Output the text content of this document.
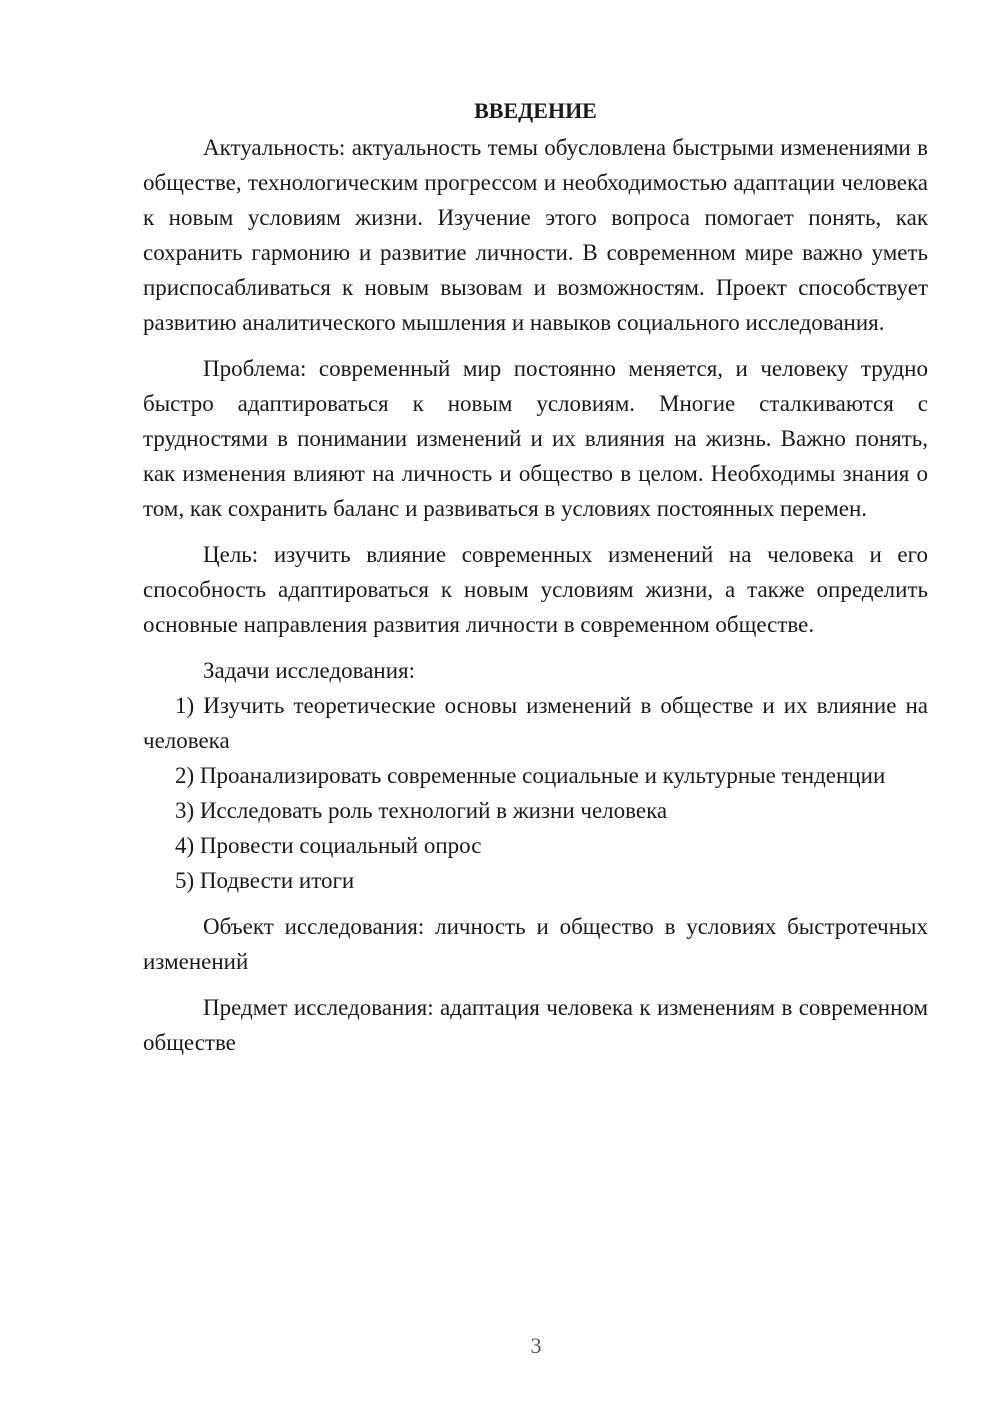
ВВЕДЕНИЕ

Актуальность: актуальность темы обусловлена быстрыми изменениями в обществе, технологическим прогрессом и необходимостью адаптации человека к новым условиям жизни. Изучение этого вопроса помогает понять, как сохранить гармонию и развитие личности. В современном мире важно уметь приспосабливаться к новым вызовам и возможностям. Проект способствует развитию аналитического мышления и навыков социального исследования.

Проблема: современный мир постоянно меняется, и человеку трудно быстро адаптироваться к новым условиям. Многие сталкиваются с трудностями в понимании изменений и их влияния на жизнь. Важно понять, как изменения влияют на личность и общество в целом. Необходимы знания о том, как сохранить баланс и развиваться в условиях постоянных перемен.

Цель: изучить влияние современных изменений на человека и его способность адаптироваться к новым условиям жизни, а также определить основные направления развития личности в современном обществе.

Задачи исследования:

1) Изучить теоретические основы изменений в обществе и их влияние на человека

2) Проанализировать современные социальные и культурные тенденции

3) Исследовать роль технологий в жизни человека

4) Провести социальный опрос

5) Подвести итоги

Объект исследования: личность и общество в условиях быстротечных изменений

Предмет исследования: адаптация человека к изменениям в современном обществе

3
